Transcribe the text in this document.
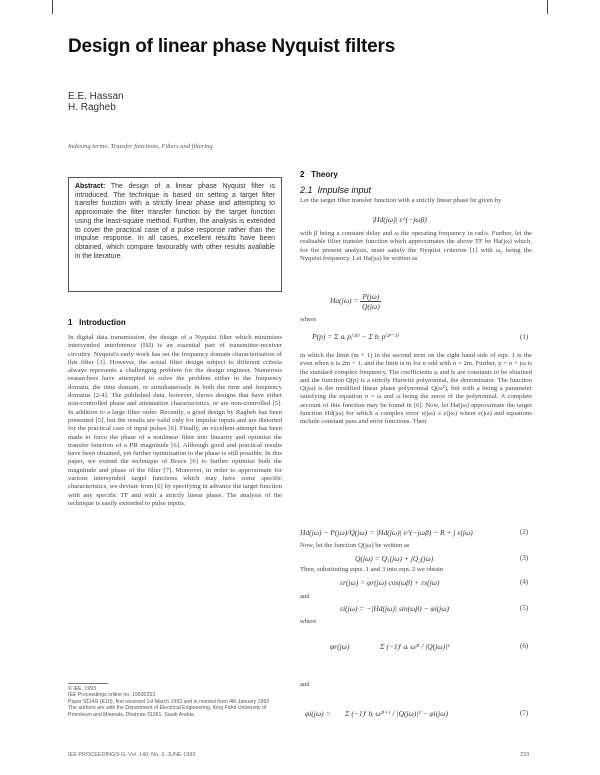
Design of linear phase Nyquist filters
E.E. Hassan
H. Ragheb
Indexing terms: Transfer functions, Filters and filtering
Abstract: The design of a linear phase Nyquist filter is introduced. The technique is based on setting a target filter transfer function with a strictly linear phase and attempting to approximate the filter transfer function by the target function using the least-square method. Further, the analysis is extended to cover the practical case of a pulse response rather than the impulse response. In all cases, excellent results have been obtained, which compare favourably with other results available in the literature.
1 Introduction
In digital data transmission, the design of a Nyquist filter which minimises intersymbol interference (ISI) is an essential part of transmitter-receiver circuitry. Nyquist's early work has set the frequency domain characterisation of this filter [1]. However, the actual filter design subject to different criteria always represents a challenging problem for the design engineer. Numerous researchers have attempted to solve the problem either in the frequency domain, the time domain, or simultaneously in both the time and frequency domains [2-4]. The published data, however, shows designs that have either non-controlled phase and attenuation characteristics, or are non-controlled [5]. In addition to a large filter order. Recently, a good design by Ragheb has been presented [5], but the results are valid only for impulse inputs and are distorted for the practical case of input pulses [6]. Finally, an excellent attempt has been made to force the phase of a nonlinear filter into linearity and optimise the transfer function of a PR magnitude [6]. Although good and practical results have been obtained, yet further optimisation to the phase is still possible. In this paper, we extend the technique of Bruce [6] to further optimise both the magnitude and phase of the filter [7]. Moreover, in order to approximate for various intersymbol target functions which may have some specific characteristics, we deviate from [6] by specifying in advance the target function with any specific TF and with a strictly linear phase. The analysis of the technique is easily extended to pulse inputs.
© IEE, 1993
IEE Proceedings online no. 19930253
Paper 9114G (E10), first received 1st March 1993 and in revised form 4th January 1993
The authors are with the Department of Electrical Engineering, King Fahd University of Petroleum and Minerals, Dhahran 31261, Saudi Arabia
IEE PROCEEDINGS-G, Vol. 140, No. 3, JUNE 1993	233
2 Theory
2.1 Impulse input
Let the target filter transfer function with a strictly linear phase be given by
|Hd(jω)| ε^(−jωβ)
with β being a constant delay and ω the operating frequency in rad/s. Further, let the realisable filter transfer function which approximates the above TF be Ha(jω) which, for the present analysis, must satisfy the Nyquist criterion [1] with ω₀ being the Nyquist frequency. Let Ha(jω) be written as
$Ha(j\omega) = \frac{P(j\omega)}{Q(j\omega)}$
where
P(p) = Σ aᵢ pᵢ⁽²ⁱ⁾ − Σ bᵢ p⁽²ⁱ⁻¹⁾	(1)
in which the limit (m + 1) in the second term on the right hand side of eqn. 1 is the even when n is 2m + 1, and the limit is m for n odd with n = 2m. Further, p = σ + jω is the standard complex frequency. The coefficients aᵢ and bᵢ are constants to be obtained and the function Q(p) is a strictly Hurwitz polynomial, the denominator. The function Q(jω) is the modified linear phase polynomial Q(ω²), but with a being a parameter satisfying the equation σ = ω and ω being the zeros of the polynomial. A complete account of this function may be found in [6]. Now, let Ha(jω) approximate the target function Hd(jω) for which a complex error ε(jω) ≤ ε(jω) where ε(jω) and equations include constant pass and error functions. Then
Hd(jω) − P(jω)/Q(jω) = |Hd(jω)| e^(−jωβ) − R + j ε(jω)	(2)
Now, let the function Q(jω) be written as
Q(jω) = Q₁(jω) + jQ₂(jω)	(3)
Then, substituting eqns. 1 and 3 into eqn. 2 we obtain
εr(jω) = φr(jω) cos(ωβ) + εs(jω)	(4)
and
εi(jω) = −|Hd(jω)| sin(ωβ) − φi(jω)	(5)
where
φr(jω)	Σ (−1)ⁱ aᵢ ω²ⁱ / |Q(jω)|²	(6)
and
φi(jω) = Σ (−1)ⁱ bᵢ ω²ⁱ⁺¹ / |Q(jω)|² − φi(jω)	(7)
